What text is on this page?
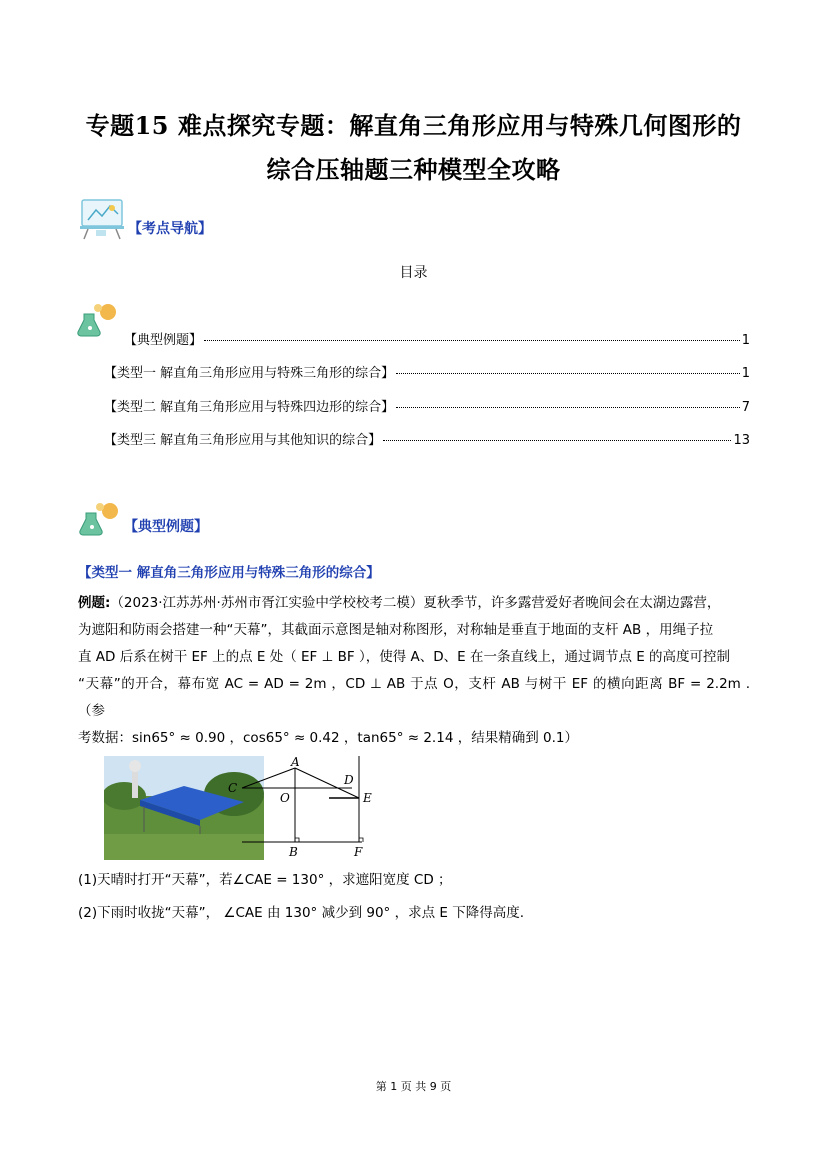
专题15 难点探究专题：解直角三角形应用与特殊几何图形的
综合压轴题三种模型全攻略
【考点导航】
目录
【典型例题】	1
【类型一 解直角三角形应用与特殊三角形的综合】	1
【类型二 解直角三角形应用与特殊四边形的综合】	7
【类型三 解直角三角形应用与其他知识的综合】	13
【典型例题】
【类型一 解直角三角形应用与特殊三角形的综合】
例题:（2023·江苏苏州·苏州市胥江实验中学校校考二模）夏秋季节，许多露营爱好者晚间会在太湖边露营，
为遮阳和防雨会搭建一种“天幕”，其截面示意图是轴对称图形，对称轴是垂直于地面的支杆 AB ，用绳子拉
直 AD 后系在树干 EF 上的点 E 处（ EF ⊥ BF ），使得 A、D、E 在一条直线上，通过调节点 E 的高度可控制
“天幕”的开合，幕布宽 AC = AD = 2m ，CD ⊥ AB 于点 O，支杆 AB 与树干 EF 的横向距离 BF = 2.2m .（参
考数据：sin65° ≈ 0.90 ，cos65° ≈ 0.42 ，tan65° ≈ 2.14 ，结果精确到 0.1）
A
C
D
O	E
B	F
(1)天晴时打开“天幕”，若∠CAE = 130° ，求遮阳宽度 CD ；
(2)下雨时收拢“天幕”， ∠CAE 由 130° 减少到 90° ，求点 E 下降得高度.
第 1 页 共 9 页
